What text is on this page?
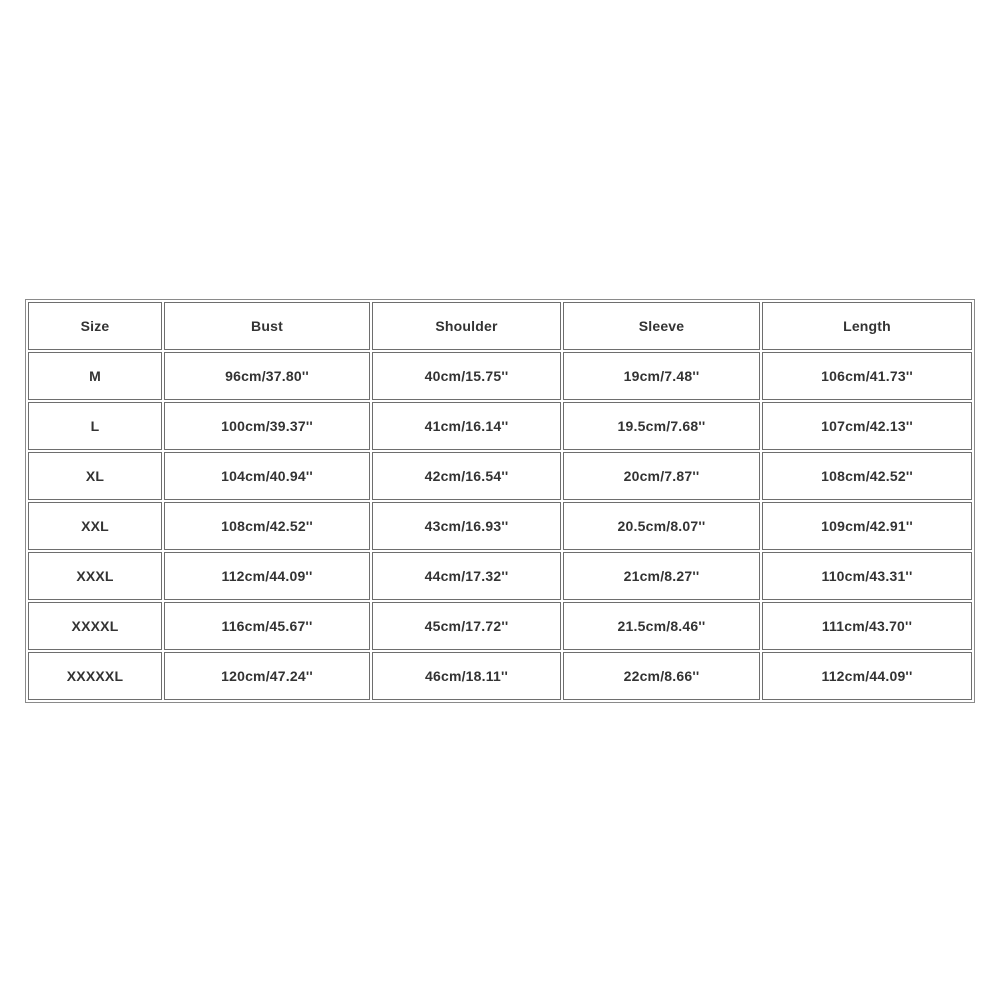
Size	Bust	Shoulder	Sleeve	Length
M	96cm/37.80''	40cm/15.75''	19cm/7.48''	106cm/41.73''
L	100cm/39.37''	41cm/16.14''	19.5cm/7.68''	107cm/42.13''
XL	104cm/40.94''	42cm/16.54''	20cm/7.87''	108cm/42.52''
XXL	108cm/42.52''	43cm/16.93''	20.5cm/8.07''	109cm/42.91''
XXXL	112cm/44.09''	44cm/17.32''	21cm/8.27''	110cm/43.31''
XXXXL	116cm/45.67''	45cm/17.72''	21.5cm/8.46''	111cm/43.70''
XXXXXL	120cm/47.24''	46cm/18.11''	22cm/8.66''	112cm/44.09''
